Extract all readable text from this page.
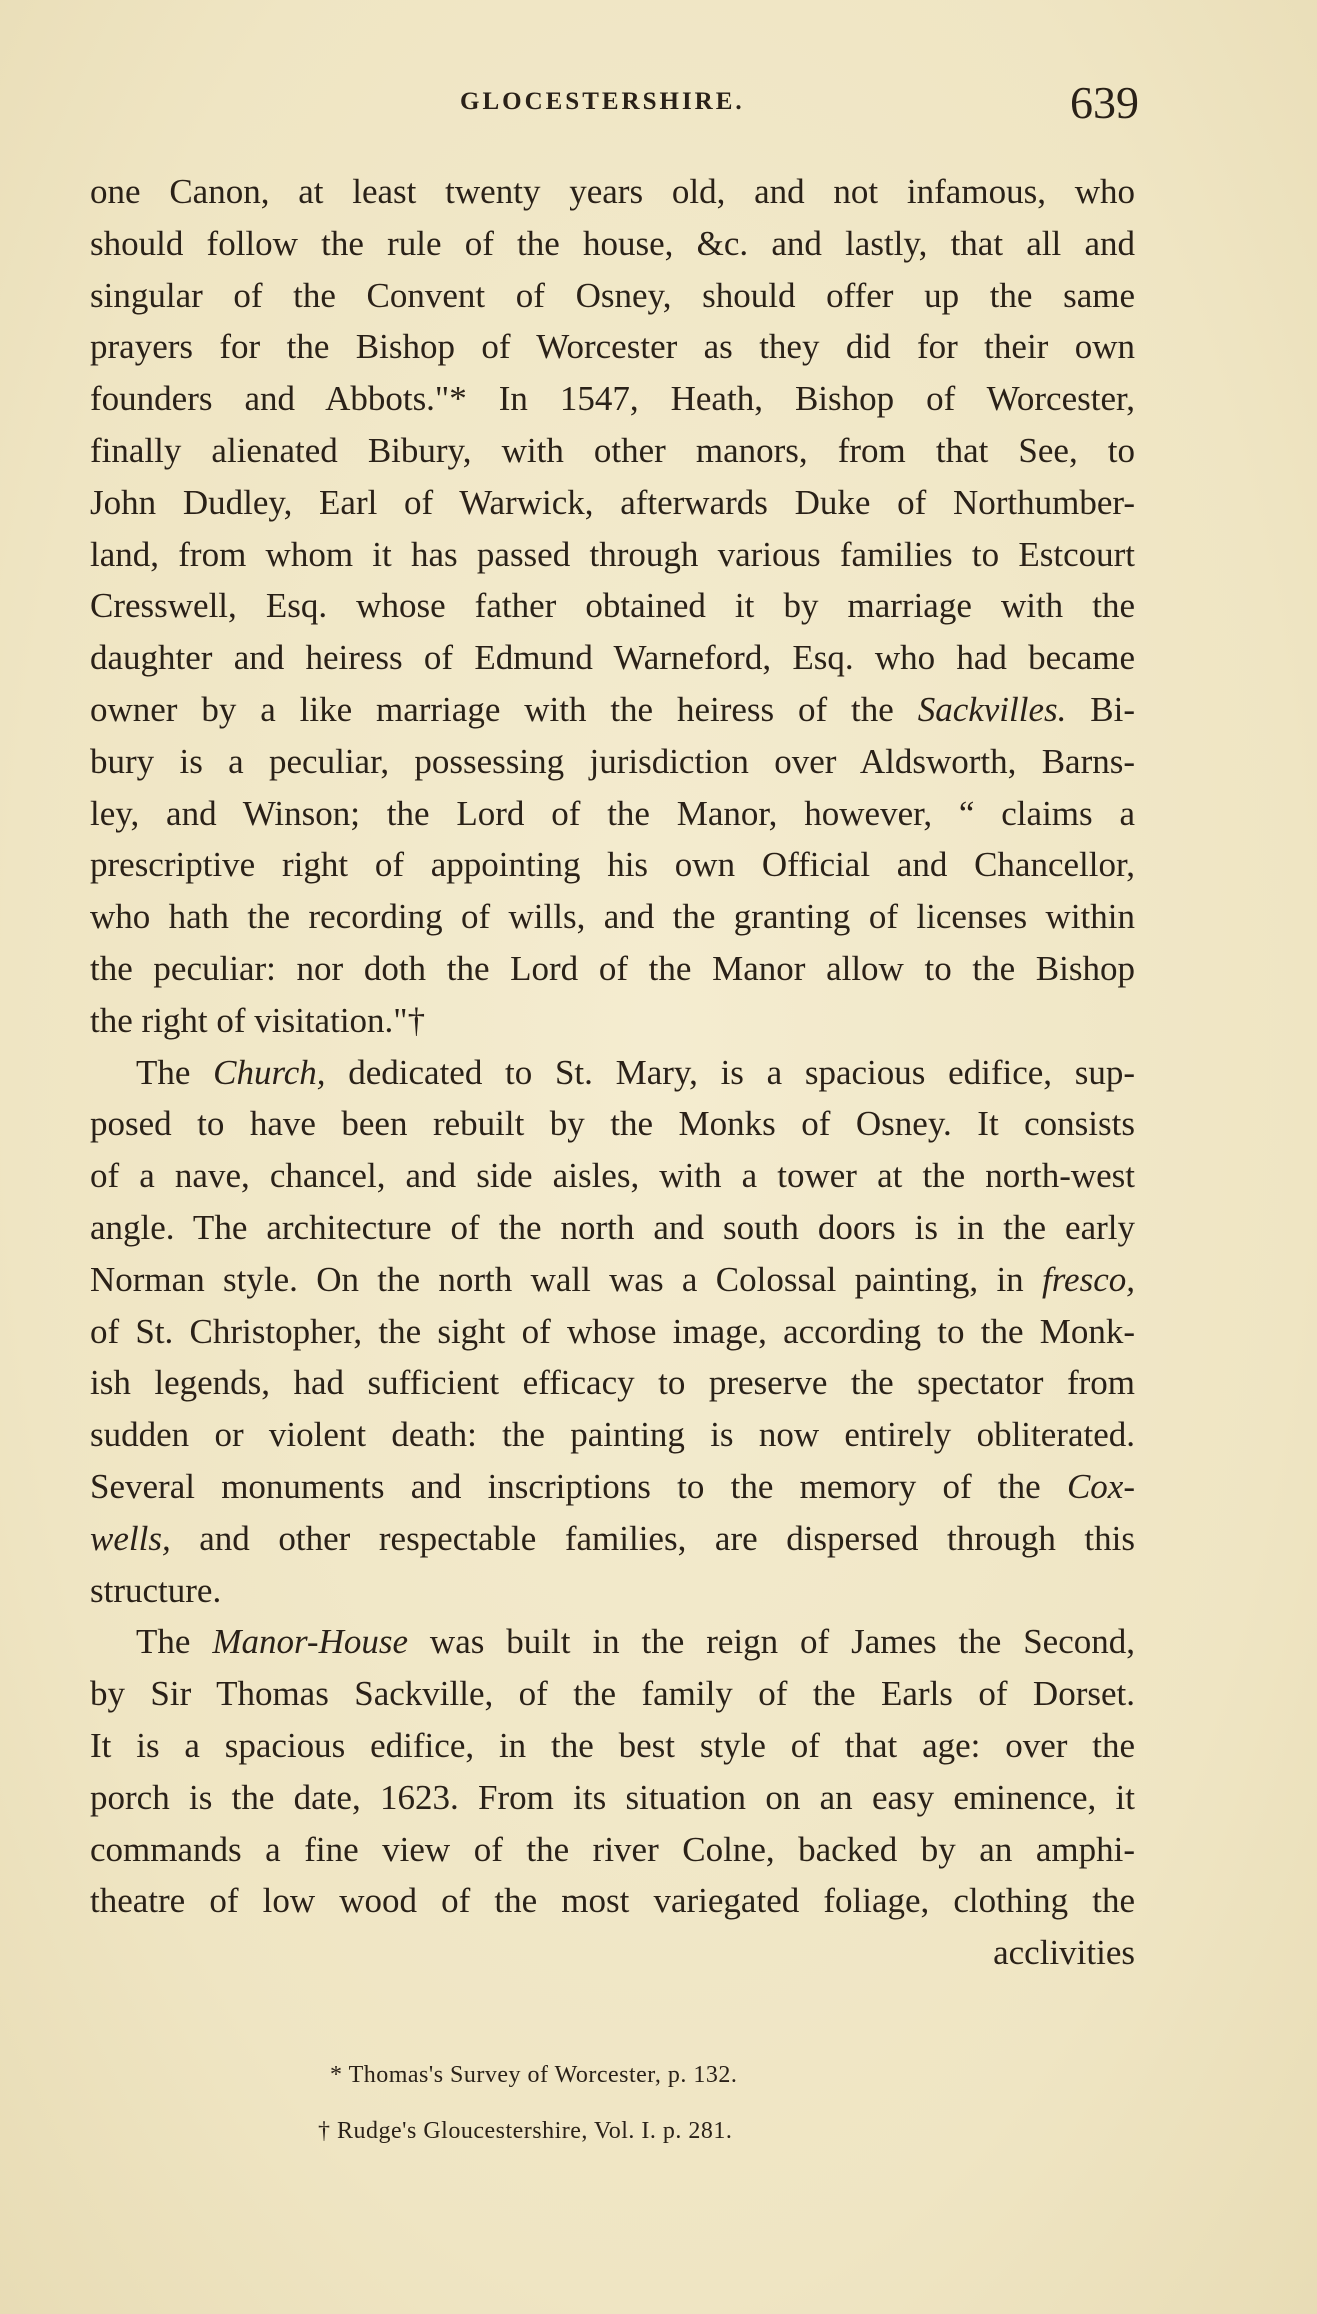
GLOCESTERSHIRE.	639
one Canon, at least twenty years old, and not infamous, who
should follow the rule of the house, &c. and lastly, that all and
singular of the Convent of Osney, should offer up the same
prayers for the Bishop of Worcester as they did for their own
founders and Abbots."* In 1547, Heath, Bishop of Worcester,
finally alienated Bibury, with other manors, from that See, to
John Dudley, Earl of Warwick, afterwards Duke of Northumber-
land, from whom it has passed through various families to Estcourt
Cresswell, Esq. whose father obtained it by marriage with the
daughter and heiress of Edmund Warneford, Esq. who had became
owner by a like marriage with the heiress of the Sackvilles. Bi-
bury is a peculiar, possessing jurisdiction over Aldsworth, Barns-
ley, and Winson; the Lord of the Manor, however, “ claims a
prescriptive right of appointing his own Official and Chancellor,
who hath the recording of wills, and the granting of licenses within
the peculiar: nor doth the Lord of the Manor allow to the Bishop
the right of visitation."†
The Church, dedicated to St. Mary, is a spacious edifice, sup-
posed to have been rebuilt by the Monks of Osney. It consists
of a nave, chancel, and side aisles, with a tower at the north-west
angle. The architecture of the north and south doors is in the early
Norman style. On the north wall was a Colossal painting, in fresco,
of St. Christopher, the sight of whose image, according to the Monk-
ish legends, had sufficient efficacy to preserve the spectator from
sudden or violent death: the painting is now entirely obliterated.
Several monuments and inscriptions to the memory of the Cox-
wells, and other respectable families, are dispersed through this
structure.
The Manor-House was built in the reign of James the Second,
by Sir Thomas Sackville, of the family of the Earls of Dorset.
It is a spacious edifice, in the best style of that age: over the
porch is the date, 1623. From its situation on an easy eminence, it
commands a fine view of the river Colne, backed by an amphi-
theatre of low wood of the most variegated foliage, clothing the
acclivities
* Thomas's Survey of Worcester, p. 132.
† Rudge's Gloucestershire, Vol. I. p. 281.
